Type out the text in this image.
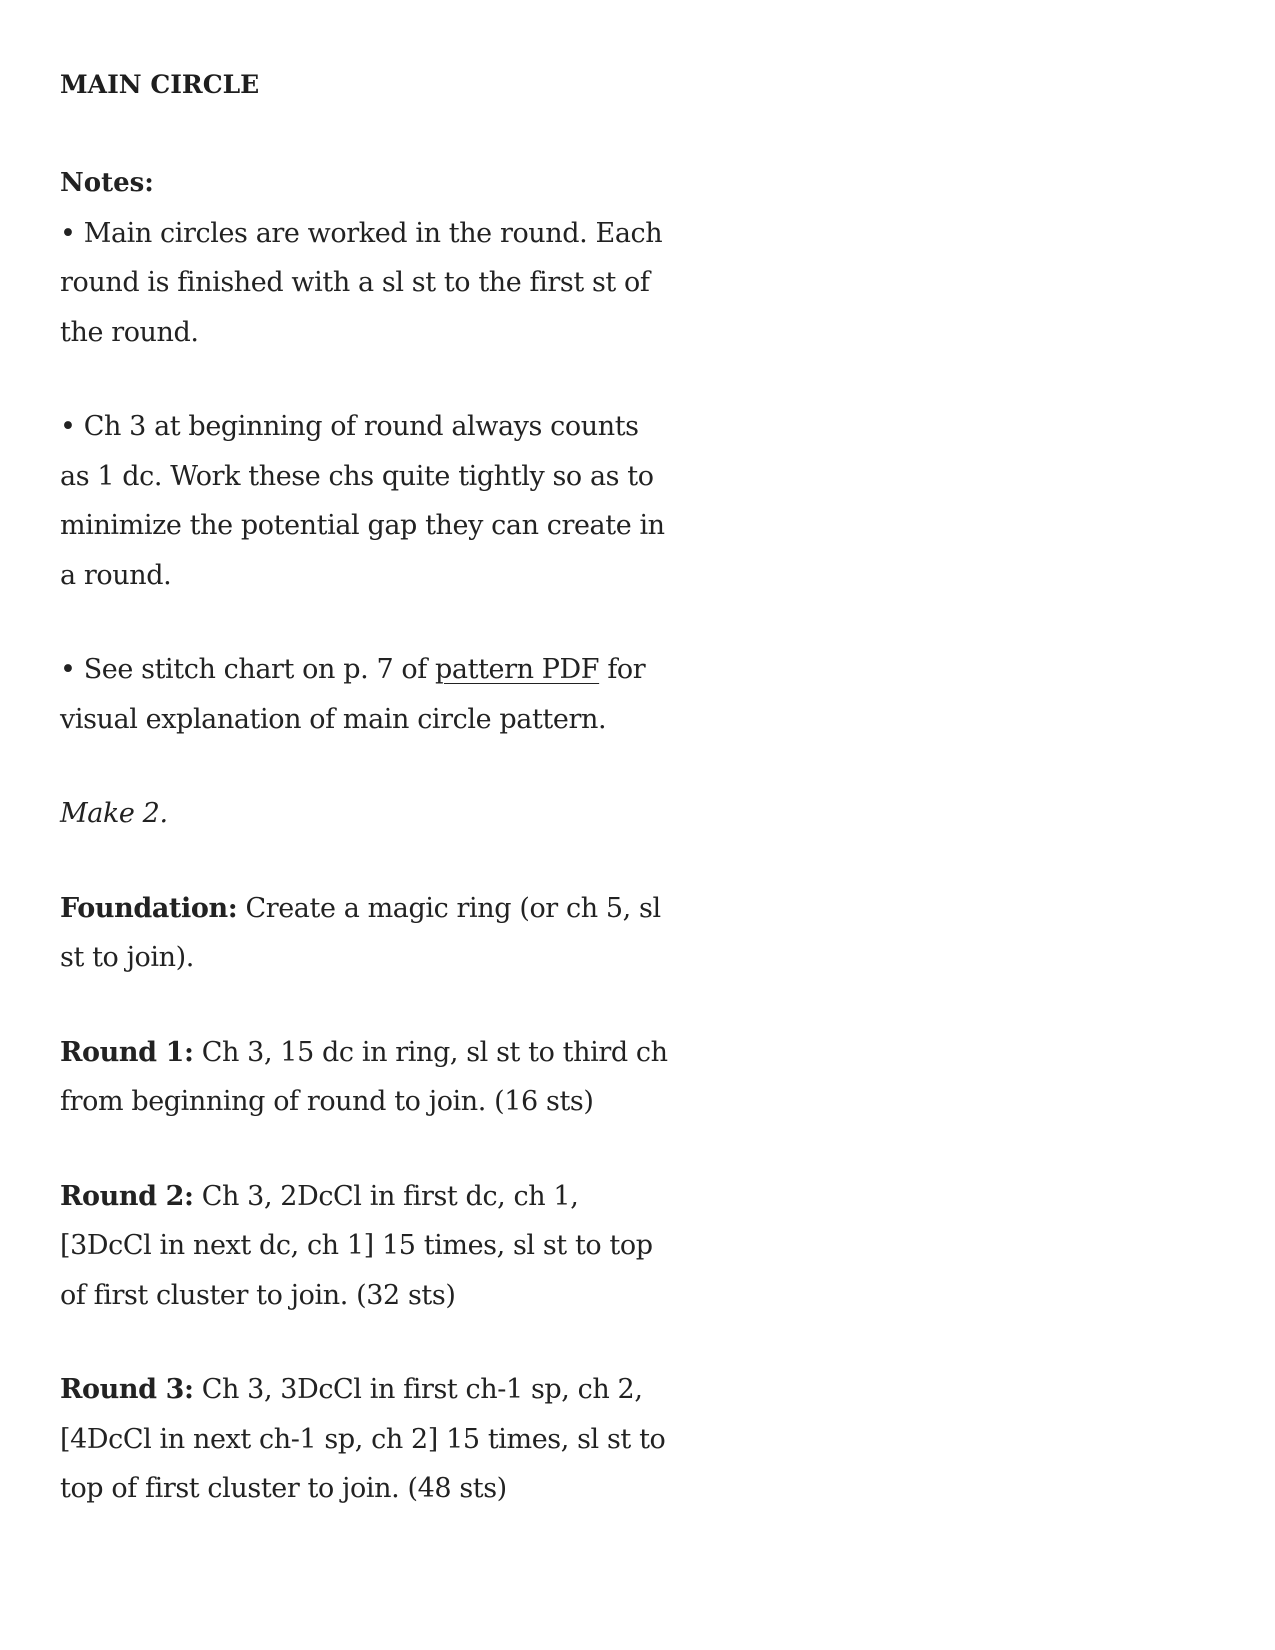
MAIN CIRCLE
Notes:

• Main circles are worked in the round. Each round is finished with a sl st to the first st of the round.

• Ch 3 at beginning of round always counts as 1 dc. Work these chs quite tightly so as to minimize the potential gap they can create in a round.

• See stitch chart on p. 7 of pattern PDF for visual explanation of main circle pattern.

Make 2.

Foundation: Create a magic ring (or ch 5, sl st to join).

Round 1: Ch 3, 15 dc in ring, sl st to third ch from beginning of round to join. (16 sts)

Round 2: Ch 3, 2DcCl in first dc, ch 1, [3DcCl in next dc, ch 1] 15 times, sl st to top of first cluster to join. (32 sts)

Round 3: Ch 3, 3DcCl in first ch-1 sp, ch 2, [4DcCl in next ch-1 sp, ch 2] 15 times, sl st to top of first cluster to join. (48 sts)
